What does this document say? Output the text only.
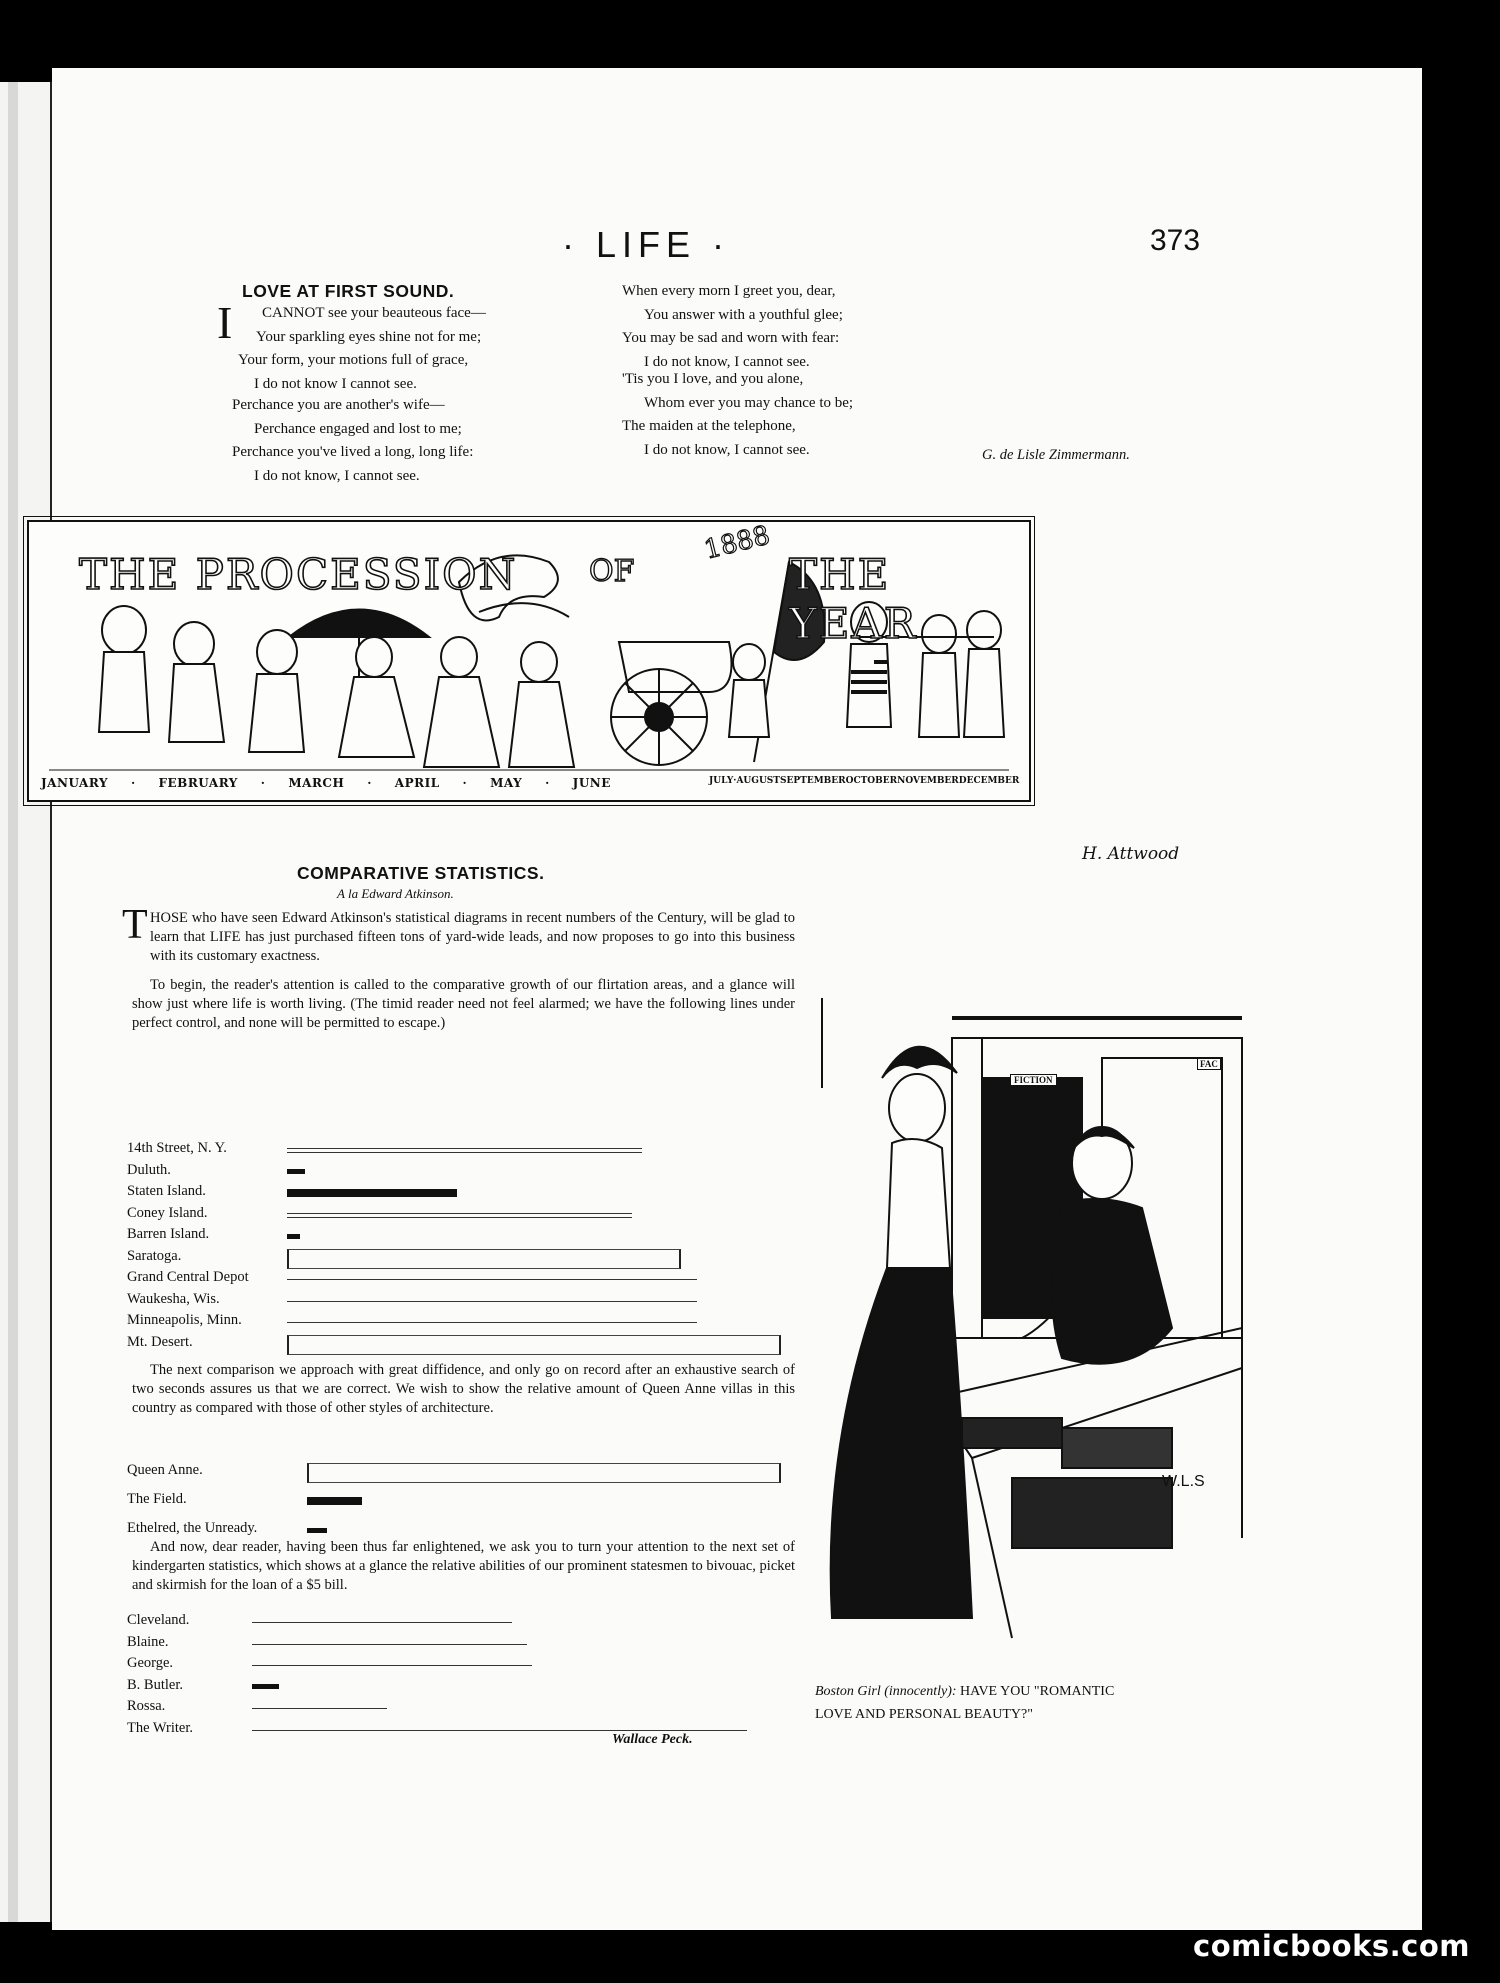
· LIFE ·	373
LOVE AT FIRST SOUND.
I	CANNOT see your beauteous face—
Your sparkling eyes shine not for me;
Your form, your motions full of grace,
I do not know I cannot see.
Perchance you are another's wife—
Perchance engaged and lost to me;
Perchance you've lived a long, long life:
I do not know, I cannot see.
When every morn I greet you, dear,
You answer with a youthful glee;
You may be sad and worn with fear:
I do not know, I cannot see.
'Tis you I love, and you alone,
Whom ever you may chance to be;
The maiden at the telephone,
I do not know, I cannot see.	G. de Lisle Zimmermann.
THE PROCESSION OF
1888
THE YEAR
JANUARY · FEBRUARY · MARCH · APRIL · MAY · JUNE	JULY · AUGUST SEPTEMBER OCTOBER NOVEMBER DECEMBER
H. Attwood
COMPARATIVE STATISTICS.
A la Edward Atkinson.
T HOSE who have seen Edward Atkinson's statistical diagrams in recent numbers of the Century, will be glad to learn that LIFE has just purchased fifteen tons of yard-wide leads, and now proposes to go into this business with its customary exactness.
To begin, the reader's attention is called to the comparative growth of our flirtation areas, and a glance will show just where life is worth living. (The timid reader need not feel alarmed; we have the following lines under perfect control, and none will be permitted to escape.)
14th Street, N. Y.
Duluth.
Staten Island.
Coney Island.
Barren Island.
Saratoga.
Grand Central Depot
Waukesha, Wis.
Minneapolis, Minn.
Mt. Desert.
The next comparison we approach with great diffidence, and only go on record after an exhaustive search of two seconds assures us that we are correct. We wish to show the relative amount of Queen Anne villas in this country as compared with those of other styles of architecture.
Queen Anne.
The Field.
Ethelred, the Unready.
And now, dear reader, having been thus far enlightened, we ask you to turn your attention to the next set of kindergarten statistics, which shows at a glance the relative abilities of our prominent statesmen to bivouac, picket and skirmish for the loan of a $5 bill.
Cleveland.
Blaine.
George.
B. Butler.
Rossa.
The Writer.
Wallace Peck.
FICTION
FAC
W.L.S
Boston Girl (innocently): HAVE YOU "ROMANTIC
LOVE AND PERSONAL BEAUTY?"
comicbooks.com
